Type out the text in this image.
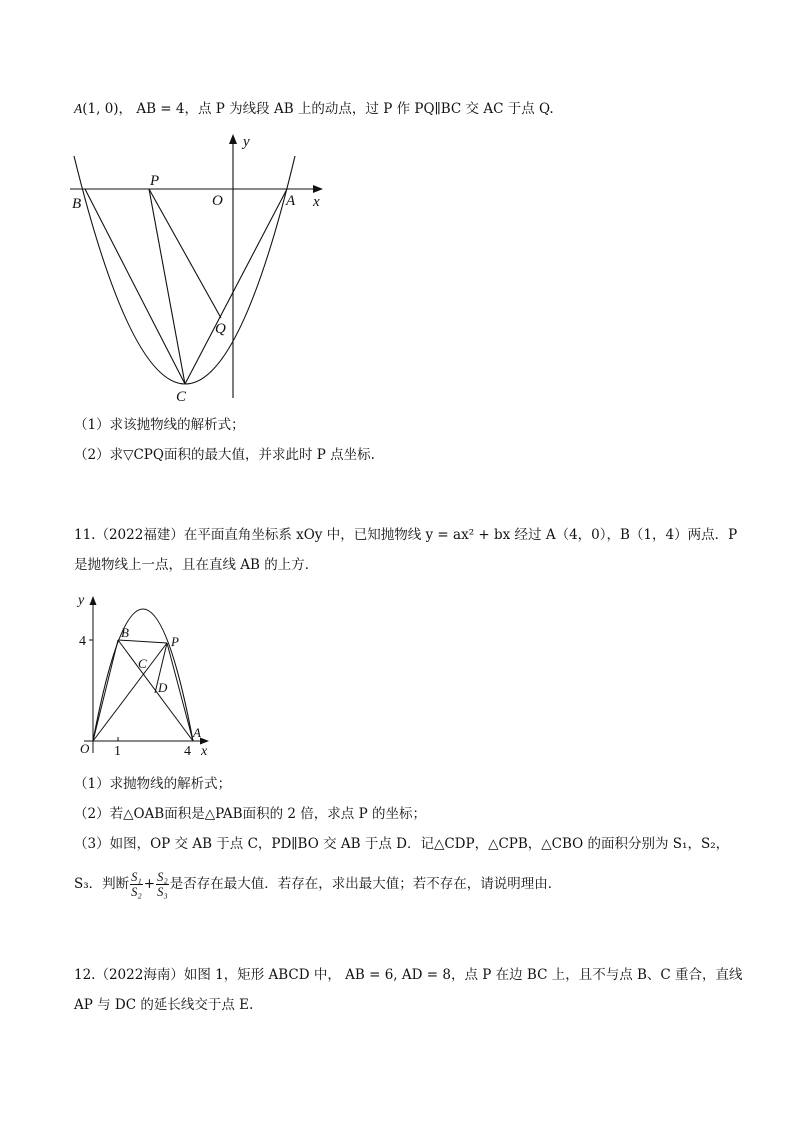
A(1, 0)， AB = 4，点 P 为线段 AB 上的动点，过 P 作 PQ∥BC 交 AC 于点 Q.
y
x
B
P
O	A
Q
C
（1）求该抛物线的解析式；
（2）求▽CPQ面积的最大值，并求此时 P 点坐标.
11.（2022福建）在平面直角坐标系 xOy 中，已知抛物线 y = ax² + bx 经过 A（4，0），B（1，4）两点．P
是抛物线上一点，且在直线 AB 的上方．
y
x
4
1	4
O
B
P
C
D
A
（1）求抛物线的解析式；
（2）若△OAB面积是△PAB面积的 2 倍，求点 P 的坐标；
（3）如图，OP 交 AB 于点 C，PD∥BO 交 AB 于点 D．记△CDP，△CPB，△CBO 的面积分别为 S₁，S₂，
S₃．判断 $\frac{\text{S₁}}{\text{S₂}} + \frac{\text{S₂}}{\text{S₃}}$ 是否存在最大值．若存在，求出最大值；若不存在，请说明理由．
12.（2022海南）如图 1，矩形 ABCD 中， AB = 6, AD = 8，点 P 在边 BC 上，且不与点 B、C 重合，直线
AP 与 DC 的延长线交于点 E.
